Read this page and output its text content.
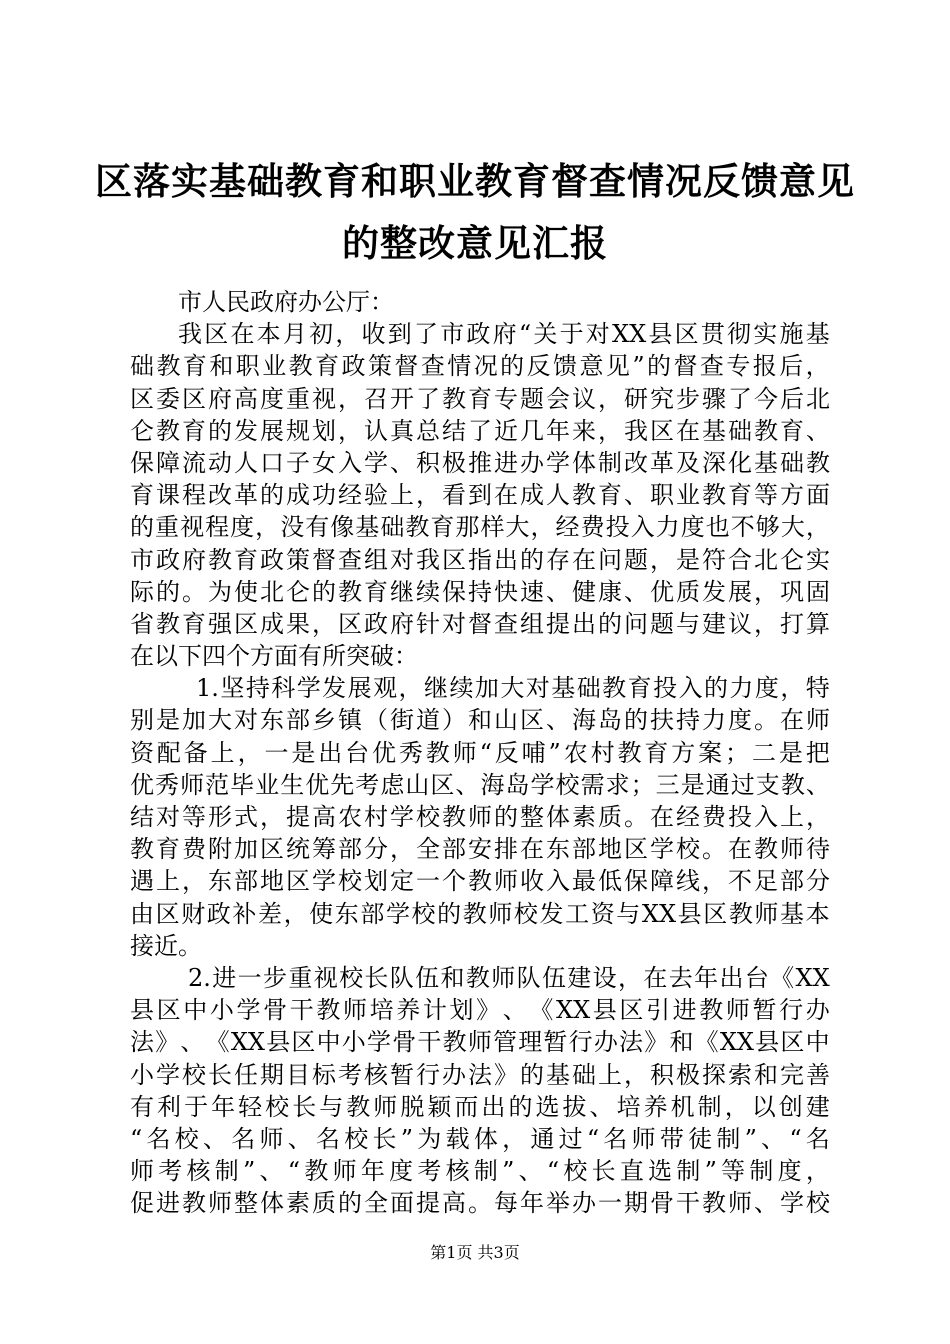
区落实基础教育和职业教育督查情况反馈意见
的整改意见汇报
市人民政府办公厅：
我 区 在 本 月 初 ， 收 到 了 市 政 府 “ 关 于 对 XX 县 区 贯 彻 实 施 基
础 教 育 和 职 业 教 育 政 策 督 查 情 况 的 反 馈 意 见 ” 的 督 查 专 报 后 ，
区 委 区 府 高 度 重 视 ， 召 开 了 教 育 专 题 会 议 ， 研 究 步 骤 了 今 后 北
仑 教 育 的 发 展 规 划 ， 认 真 总 结 了 近 几 年 来 ， 我 区 在 基 础 教 育 、
保 障 流 动 人 口 子 女 入 学 、 积 极 推 进 办 学 体 制 改 革 及 深 化 基 础 教
育 课 程 改 革 的 成 功 经 验 上 ， 看 到 在 成 人 教 育 、 职 业 教 育 等 方 面
的 重 视 程 度 ， 没 有 像 基 础 教 育 那 样 大 ， 经 费 投 入 力 度 也 不 够 大 ，
市 政 府 教 育 政 策 督 查 组 对 我 区 指 出 的 存 在 问 题 ， 是 符 合 北 仑 实
际 的 。 为 使 北 仑 的 教 育 继 续 保 持 快 速 、 健 康 、 优 质 发 展 ， 巩 固
省 教 育 强 区 成 果 ， 区 政 府 针 对 督 查 组 提 出 的 问 题 与 建 议 ， 打 算
在以下四个方面有所突破：
1. 坚 持 科 学 发 展 观 ， 继 续 加 大 对 基 础 教 育 投 入 的 力 度 ， 特
别 是 加 大 对 东 部 乡 镇 （ 街 道 ） 和 山 区 、 海 岛 的 扶 持 力 度 。 在 师
资 配 备 上 ， 一 是 出 台 优 秀 教 师 “ 反 哺 ” 农 村 教 育 方 案 ； 二 是 把
优 秀 师 范 毕 业 生 优 先 考 虑 山 区 、 海 岛 学 校 需 求 ； 三 是 通 过 支 教 、
结 对 等 形 式 ， 提 高 农 村 学 校 教 师 的 整 体 素 质 。 在 经 费 投 入 上 ，
教 育 费 附 加 区 统 筹 部 分 ， 全 部 安 排 在 东 部 地 区 学 校 。 在 教 师 待
遇 上 ， 东 部 地 区 学 校 划 定 一 个 教 师 收 入 最 低 保 障 线 ， 不 足 部 分
由 区 财 政 补 差 ， 使 东 部 学 校 的 教 师 校 发 工 资 与 XX 县 区 教 师 基 本
接近。
2. 进 一 步 重 视 校 长 队 伍 和 教 师 队 伍 建 设 ， 在 去 年 出 台 《 XX
县 区 中 小 学 骨 干 教 师 培 养 计 划 》 、 《 XX 县 区 引 进 教 师 暂 行 办
法 》 、 《 XX 县 区 中 小 学 骨 干 教 师 管 理 暂 行 办 法 》 和 《 XX 县 区 中
小 学 校 长 任 期 目 标 考 核 暂 行 办 法 》 的 基 础 上 ， 积 极 探 索 和 完 善
有 利 于 年 轻 校 长 与 教 师 脱 颖 而 出 的 选 拔 、 培 养 机 制 ， 以 创 建
“ 名 校 、 名 师 、 名 校 长 ” 为 载 体 ， 通 过 “ 名 师 带 徒 制 ” 、 “ 名
师 考 核 制 ” 、 “ 教 师 年 度 考 核 制 ” 、 “ 校 长 直 选 制 ” 等 制 度 ，
促 进 教 师 整 体 素 质 的 全 面 提 高 。 每 年 举 办 一 期 骨 干 教 师 、 学 校
第1页 共3页
